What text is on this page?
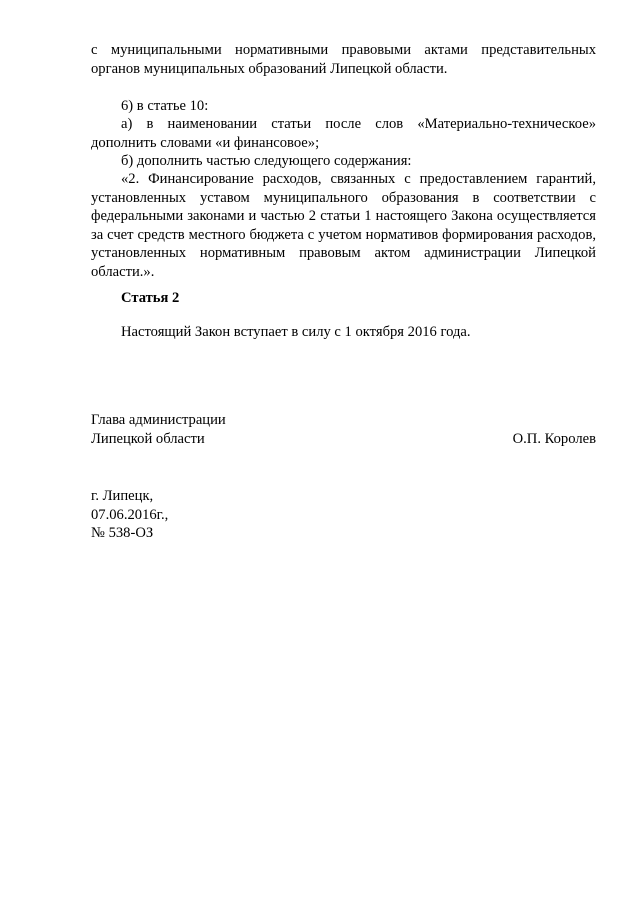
с муниципальными нормативными правовыми актами представительных органов муниципальных образований Липецкой области.

6) в статье 10:

а) в наименовании статьи после слов «Материально-техническое» дополнить словами «и финансовое»;

б) дополнить частью следующего содержания:

«2. Финансирование расходов, связанных с предоставлением гарантий, установленных уставом муниципального образования в соответствии с федеральными законами и частью 2 статьи 1 настоящего Закона осуществляется за счет средств местного бюджета с учетом нормативов формирования расходов, установленных нормативным правовым актом администрации Липецкой области.».

Статья 2

Настоящий Закон вступает в силу с 1 октября 2016 года.

Глава администрации
Липецкой области	О.П. Королев
г. Липецк,
07.06.2016г.,
№ 538-ОЗ
